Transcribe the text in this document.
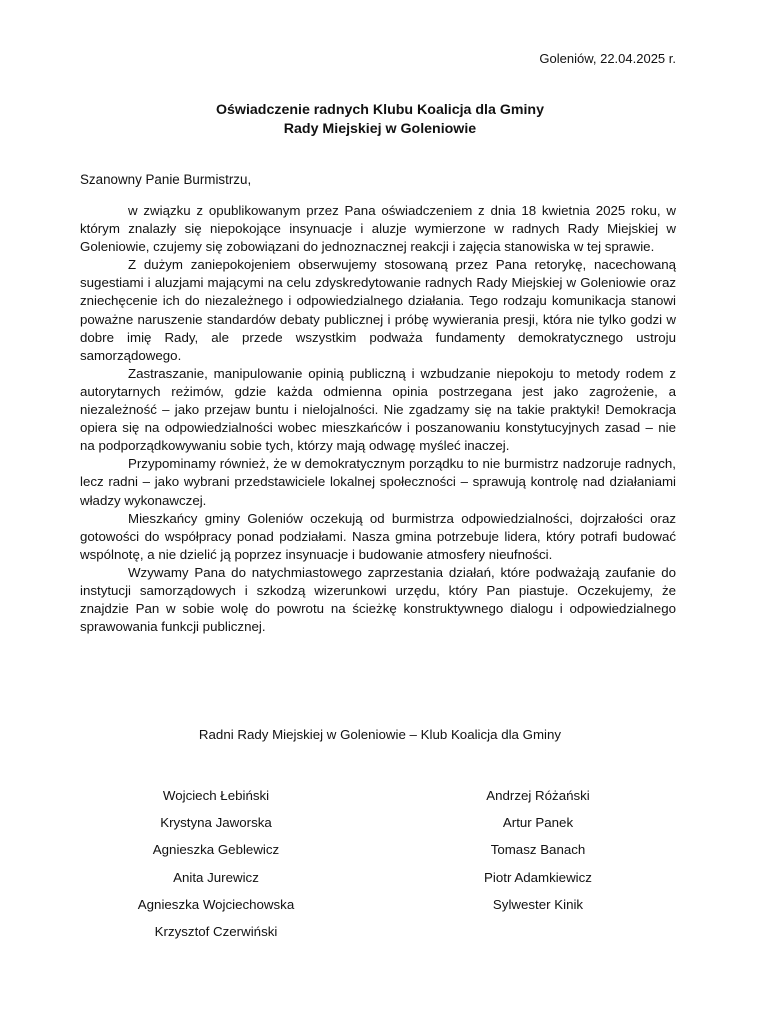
Goleniów, 22.04.2025 r.
Oświadczenie radnych Klubu Koalicja dla Gminy
Rady Miejskiej w Goleniowie
Szanowny Panie Burmistrzu,

w związku z opublikowanym przez Pana oświadczeniem z dnia 18 kwietnia 2025 roku, w którym znalazły się niepokojące insynuacje i aluzje wymierzone w radnych Rady Miejskiej w Goleniowie, czujemy się zobowiązani do jednoznacznej reakcji i zajęcia stanowiska w tej sprawie.

Z dużym zaniepokojeniem obserwujemy stosowaną przez Pana retorykę, nacechowaną sugestiami i aluzjami mającymi na celu zdyskredytowanie radnych Rady Miejskiej w Goleniowie oraz zniechęcenie ich do niezależnego i odpowiedzialnego działania. Tego rodzaju komunikacja stanowi poważne naruszenie standardów debaty publicznej i próbę wywierania presji, która nie tylko godzi w dobre imię Rady, ale przede wszystkim podważa fundamenty demokratycznego ustroju samorządowego.

Zastraszanie, manipulowanie opinią publiczną i wzbudzanie niepokoju to metody rodem z autorytarnych reżimów, gdzie każda odmienna opinia postrzegana jest jako zagrożenie, a niezależność – jako przejaw buntu i nielojalności. Nie zgadzamy się na takie praktyki! Demokracja opiera się na odpowiedzialności wobec mieszkańców i poszanowaniu konstytucyjnych zasad – nie na podporządkowywaniu sobie tych, którzy mają odwagę myśleć inaczej.

Przypominamy również, że w demokratycznym porządku to nie burmistrz nadzoruje radnych, lecz radni – jako wybrani przedstawiciele lokalnej społeczności – sprawują kontrolę nad działaniami władzy wykonawczej.

Mieszkańcy gminy Goleniów oczekują od burmistrza odpowiedzialności, dojrzałości oraz gotowości do współpracy ponad podziałami. Nasza gmina potrzebuje lidera, który potrafi budować wspólnotę, a nie dzielić ją poprzez insynuacje i budowanie atmosfery nieufności.

Wzywamy Pana do natychmiastowego zaprzestania działań, które podważają zaufanie do instytucji samorządowych i szkodzą wizerunkowi urzędu, który Pan piastuje. Oczekujemy, że znajdzie Pan w sobie wolę do powrotu na ścieżkę konstruktywnego dialogu i odpowiedzialnego sprawowania funkcji publicznej.

Radni Rady Miejskiej w Goleniowie – Klub Koalicja dla Gminy
Wojciech Łebiński
Krystyna Jaworska
Agnieszka Geblewicz
Anita Jurewicz
Agnieszka Wojciechowska
Krzysztof Czerwiński
Andrzej Różański
Artur Panek
Tomasz Banach
Piotr Adamkiewicz
Sylwester Kinik
